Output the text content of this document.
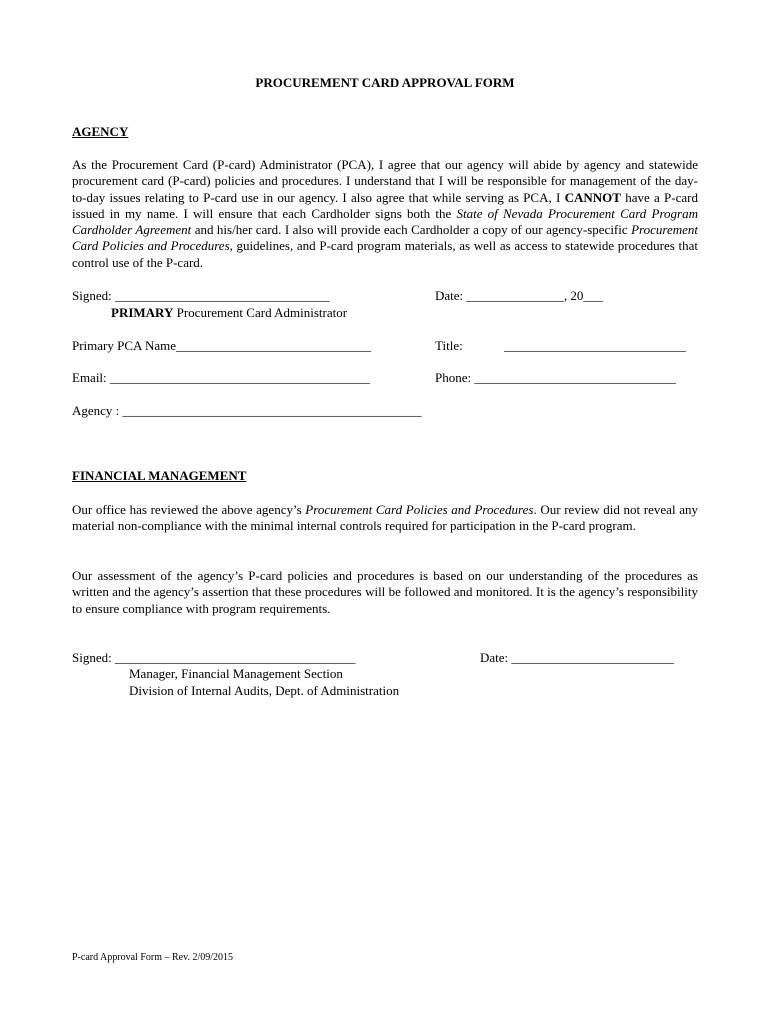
PROCUREMENT CARD APPROVAL FORM
AGENCY
As the Procurement Card (P-card) Administrator (PCA), I agree that our agency will abide by agency and statewide procurement card (P-card) policies and procedures. I understand that I will be responsible for management of the day-to-day issues relating to P-card use in our agency. I also agree that while serving as PCA, I CANNOT have a P-card issued in my name. I will ensure that each Cardholder signs both the State of Nevada Procurement Card Program Cardholder Agreement and his/her card. I also will provide each Cardholder a copy of our agency-specific Procurement Card Policies and Procedures, guidelines, and P-card program materials, as well as access to statewide procedures that control use of the P-card.
Signed: _________________________________	Date: _______________, 20___
PRIMARY Procurement Card Administrator
Primary PCA Name______________________________	Title:	____________________________
Email: ________________________________________	Phone: _______________________________
Agency : ______________________________________________
FINANCIAL MANAGEMENT
Our office has reviewed the above agency’s Procurement Card Policies and Procedures. Our review did not reveal any material non-compliance with the minimal internal controls required for participation in the P-card program.
Our assessment of the agency’s P-card policies and procedures is based on our understanding of the procedures as written and the agency’s assertion that these procedures will be followed and monitored. It is the agency’s responsibility to ensure compliance with program requirements.
Signed: _____________________________________	Date: _________________________
Manager, Financial Management Section
Division of Internal Audits, Dept. of Administration
P-card Approval Form – Rev. 2/09/2015
